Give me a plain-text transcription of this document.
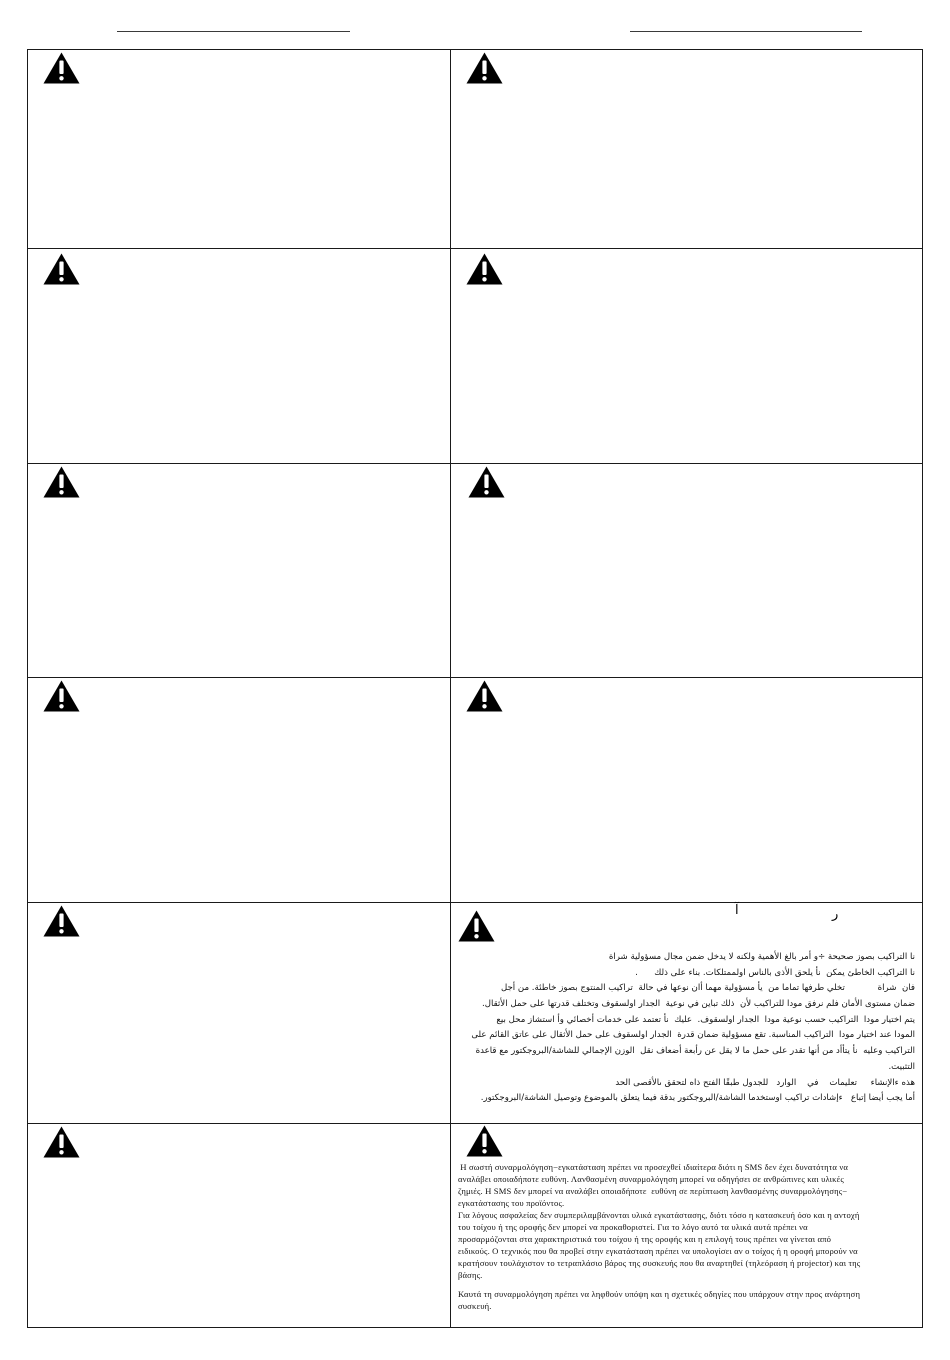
آ	ر
نا التراكيب بصوز صحيحة ÷و أمر بالغ الأهمية ولكنه لا يدخل ضمن مجال مسؤولية شراة
نا التراكيب الخاطئ يمكن  نأ يلحق الأذى بالناس اولممتلكات. بناء على ذلك      .
فان  شراة            تخلي طرفها تماما من  يأ مسؤولية مهما أان نوعها في حالة  تراكيب المنتوج بصوز خاطئة. من أجل
ضمان مستوى الأمان فلم نرفق مودا للتراكيب لأن  ذلك تباين في نوعية  الجدار اولسقوف وتختلف قدرتها على حمل الأثقال.
يتم اختيار مودا  التراكيب حسب نوعية مودا  الجدار اولسقوف.  عليك  نأ تعتمد على خدمات أخصائي وأ استشاز محل بيع
المودا عند اختيار مودا  التراكيب المناسبة. تقع مسؤولية ضمان قدرة  الجدار اولسقوف على حمل الأثقال على عاتق القائم على
التراكيب وعليه  نأ يتأأد من أنها تقدر على حمل ما لا يقل عن رأبعة أضعاف نقل  الوزن الإجمالي للشاشة/البروجكتور مع قاعدة
التثبيت.
هذه ءالإنشاء     تعليمات    في    الوارد   للجدول طبقًا الفتح ذاه لتحقق ىالأقصى الحد
أما يجب أيضا إتباع   ءإشادات تراكيب اوستخدما الشاشة/البروجكتور بدقة فيما يتعلق بالموضوع وتوصيل الشاشة/البروجكتور.
Η σωστή συναρμολόγηση−εγκατάσταση πρέπει να προσεχθεί ιδιαίτερα διότι η SMS δεν έχει δυνατότητα να
αναλάβει οποιαδήποτε ευθύνη. Λανθασμένη συναρμολόγηση μπορεί να οδηγήσει σε ανθρώπινες και υλικές
ζημιές. Η SMS δεν μπορεί να αναλάβει οποιαδήποτε  ευθύνη σε περίπτωση λανθασμένης συναρμολόγησης−
εγκατάστασης του προϊόντος.
Για λόγους ασφαλείας δεν συμπεριλαμβάνονται υλικά εγκατάστασης, διότι τόσο η κατασκευή όσο και η αντοχή
του τοίχου ή της οροφής δεν μπορεί να προκαθοριστεί. Για το λόγο αυτό τα υλικά αυτά πρέπει να
προσαρμόζονται στα χαρακτηριστικά του τοίχου ή της οροφής και η επιλογή τους πρέπει να γίνεται από
ειδικούς. Ο τεχνικός που θα προβεί στην εγκατάσταση πρέπει να υπολογίσει αν ο τοίχος ή η οροφή μπορούν να
κρατήσουν τουλάχιστον το τετραπλάσιο βάρος της συσκευής που θα αναρτηθεί (τηλεόραση ή projector) και της
βάσης.
Καυτά τη συναρμολόγηση πρέπει να ληφθούν υπόψη και η σχετικές οδηγίες που υπάρχουν στην προς ανάρτηση
συσκευή.
